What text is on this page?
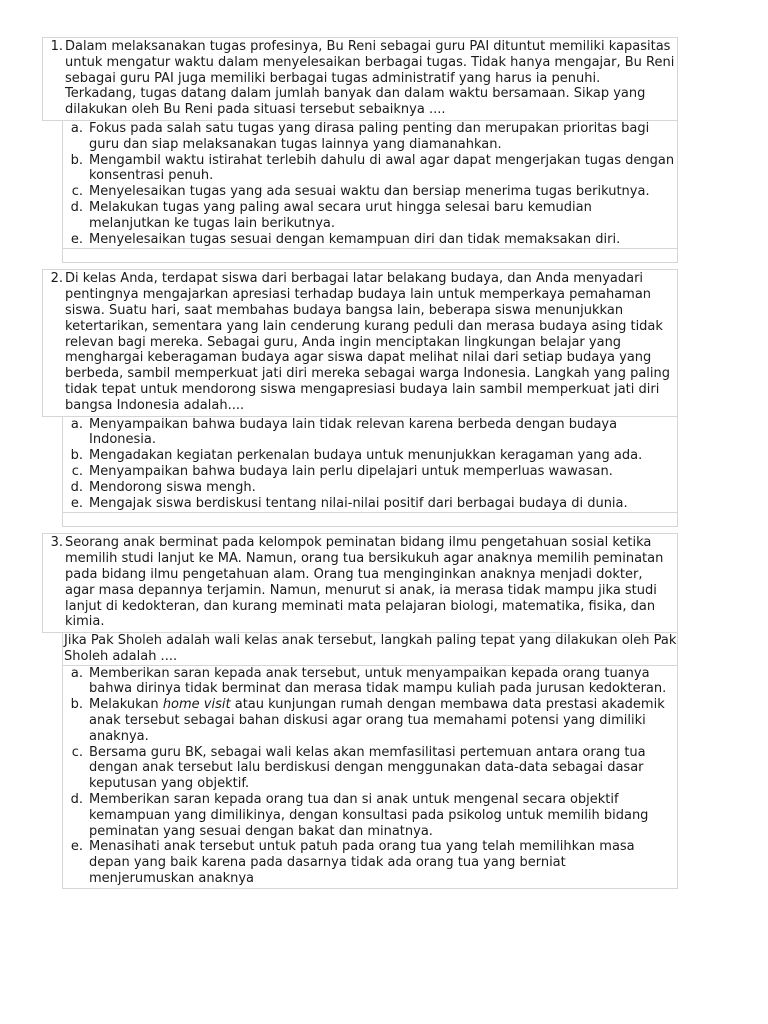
1. Dalam melaksanakan tugas profesinya, Bu Reni sebagai guru PAI dituntut memiliki kapasitas untuk mengatur waktu dalam menyelesaikan berbagai tugas. Tidak hanya mengajar, Bu Reni sebagai guru PAI juga memiliki berbagai tugas administratif yang harus ia penuhi. Terkadang, tugas datang dalam jumlah banyak dan dalam waktu bersamaan. Sikap yang dilakukan oleh Bu Reni pada situasi tersebut sebaiknya ....
a. Fokus pada salah satu tugas yang dirasa paling penting dan merupakan prioritas bagi guru dan siap melaksanakan tugas lainnya yang diamanahkan.
b. Mengambil waktu istirahat terlebih dahulu di awal agar dapat mengerjakan tugas dengan konsentrasi penuh.
c. Menyelesaikan tugas yang ada sesuai waktu dan bersiap menerima tugas berikutnya.
d. Melakukan tugas yang paling awal secara urut hingga selesai baru kemudian melanjutkan ke tugas lain berikutnya.
e. Menyelesaikan tugas sesuai dengan kemampuan diri dan tidak memaksakan diri.
2. Di kelas Anda, terdapat siswa dari berbagai latar belakang budaya, dan Anda menyadari pentingnya mengajarkan apresiasi terhadap budaya lain untuk memperkaya pemahaman siswa. Suatu hari, saat membahas budaya bangsa lain, beberapa siswa menunjukkan ketertarikan, sementara yang lain cenderung kurang peduli dan merasa budaya asing tidak relevan bagi mereka. Sebagai guru, Anda ingin menciptakan lingkungan belajar yang menghargai keberagaman budaya agar siswa dapat melihat nilai dari setiap budaya yang berbeda, sambil memperkuat jati diri mereka sebagai warga Indonesia. Langkah yang paling tidak tepat untuk mendorong siswa mengapresiasi budaya lain sambil memperkuat jati diri bangsa Indonesia adalah....
a. Menyampaikan bahwa budaya lain tidak relevan karena berbeda dengan budaya Indonesia.
b. Mengadakan kegiatan perkenalan budaya untuk menunjukkan keragaman yang ada.
c. Menyampaikan bahwa budaya lain perlu dipelajari untuk memperluas wawasan.
d. Mendorong siswa mengh.
e. Mengajak siswa berdiskusi tentang nilai-nilai positif dari berbagai budaya di dunia.
3. Seorang anak berminat pada kelompok peminatan bidang ilmu pengetahuan sosial ketika memilih studi lanjut ke MA. Namun, orang tua bersikukuh agar anaknya memilih peminatan pada bidang ilmu pengetahuan alam. Orang tua menginginkan anaknya menjadi dokter, agar masa depannya terjamin. Namun, menurut si anak, ia merasa tidak mampu jika studi lanjut di kedokteran, dan kurang meminati mata pelajaran biologi, matematika, fisika, dan kimia.
Jika Pak Sholeh adalah wali kelas anak tersebut, langkah paling tepat yang dilakukan oleh Pak Sholeh adalah ....
a. Memberikan saran kepada anak tersebut, untuk menyampaikan kepada orang tuanya bahwa dirinya tidak berminat dan merasa tidak mampu kuliah pada jurusan kedokteran.
b. Melakukan home visit atau kunjungan rumah dengan membawa data prestasi akademik anak tersebut sebagai bahan diskusi agar orang tua memahami potensi yang dimiliki anaknya.
c. Bersama guru BK, sebagai wali kelas akan memfasilitasi pertemuan antara orang tua dengan anak tersebut lalu berdiskusi dengan menggunakan data-data sebagai dasar keputusan yang objektif.
d. Memberikan saran kepada orang tua dan si anak untuk mengenal secara objektif kemampuan yang dimilikinya, dengan konsultasi pada psikolog untuk memilih bidang peminatan yang sesuai dengan bakat dan minatnya.
e. Menasihati anak tersebut untuk patuh pada orang tua yang telah memilihkan masa depan yang baik karena pada dasarnya tidak ada orang tua yang berniat menjerumuskan anaknya
